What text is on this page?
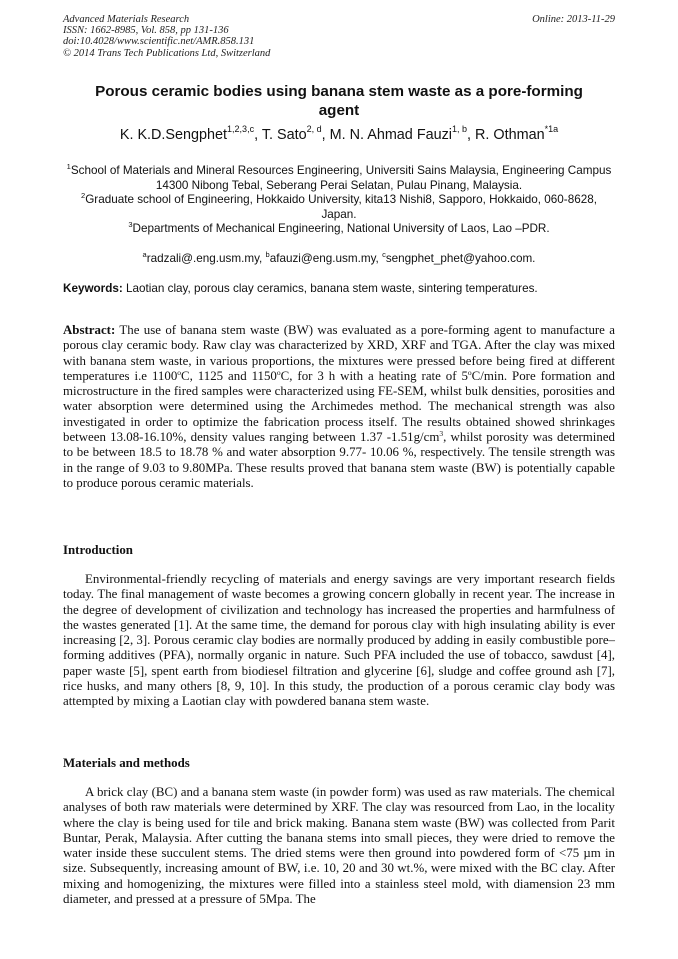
Advanced Materials Research
ISSN: 1662-8985, Vol. 858, pp 131-136
doi:10.4028/www.scientific.net/AMR.858.131
© 2014 Trans Tech Publications Ltd, Switzerland
Online: 2013-11-29
Porous ceramic bodies using banana stem waste as a pore-forming
agent
K. K.D.Sengphet$^{1,2,3,c}$, T. Sato$^{2, d}$, M. N. Ahmad Fauzi$^{1, b}$, R. Othman$^{*1a}$

$^1$School of Materials and Mineral Resources Engineering, Universiti Sains Malaysia, Engineering Campus 14300 Nibong Tebal, Seberang Perai Selatan, Pulau Pinang, Malaysia.

$^2$Graduate school of Engineering, Hokkaido University, kita13 Nishi8, Sapporo, Hokkaido, 060-8628, Japan.

$^3$Departments of Mechanical Engineering, National University of Laos, Lao –PDR.

$^a$radzali@.eng.usm.my, $^b$afauzi@eng.usm.my, $^c$sengphet_phet@yahoo.com.
Keywords: Laotian clay, porous clay ceramics, banana stem waste, sintering temperatures.
Abstract: The use of banana stem waste (BW) was evaluated as a pore-forming agent to manufacture a porous clay ceramic body. Raw clay was characterized by XRD, XRF and TGA. After the clay was mixed with banana stem waste, in various proportions, the mixtures were pressed before being fired at different temperatures i.e 1100$^o$C, 1125 and 1150$^o$C, for 3 h with a heating rate of 5$^o$C/min. Pore formation and microstructure in the fired samples were characterized using FE-SEM, whilst bulk densities, porosities and water absorption were determined using the Archimedes method. The mechanical strength was also investigated in order to optimize the fabrication process itself. The results obtained showed shrinkages between 13.08-16.10%, density values ranging between 1.37 $-1.51g/cm^3$, whilst porosity was determined to be between 18.5 to 18.78 % and water absorption 9.77- 10.06 %, respectively. The tensile strength was in the range of 9.03 to 9.80MPa. These results proved that banana stem waste (BW) is potentially capable to produce porous ceramic materials.
Introduction
Environmental-friendly recycling of materials and energy savings are very important research fields today. The final management of waste becomes a growing concern globally in recent year. The increase in the degree of development of civilization and technology has increased the properties and harmfulness of the wastes generated [1]. At the same time, the demand for porous clay with high insulating ability is ever increasing [2, 3]. Porous ceramic clay bodies are normally produced by adding in easily combustible pore–forming additives (PFA), normally organic in nature. Such PFA included the use of tobacco, sawdust [4], paper waste [5], spent earth from biodiesel filtration and glycerine [6], sludge and coffee ground ash [7], rice husks, and many others [8, 9, 10]. In this study, the production of a porous ceramic clay body was attempted by mixing a Laotian clay with powdered banana stem waste.
Materials and methods
A brick clay (BC) and a banana stem waste (in powder form) was used as raw materials. The chemical analyses of both raw materials were determined by XRF. The clay was resourced from Lao, in the locality where the clay is being used for tile and brick making. Banana stem waste (BW) was collected from Parit Buntar, Perak, Malaysia. After cutting the banana stems into small pieces, they were dried to remove the water inside these succulent stems. The dried stems were then ground into powdered form of <75 µm in size. Subsequently, increasing amount of BW, i.e. 10, 20 and 30 wt.%, were mixed with the BC clay. After mixing and homogenizing, the mixtures were filled into a stainless steel mold, with diamension 23 mm diameter, and pressed at a pressure of 5Mpa. The
